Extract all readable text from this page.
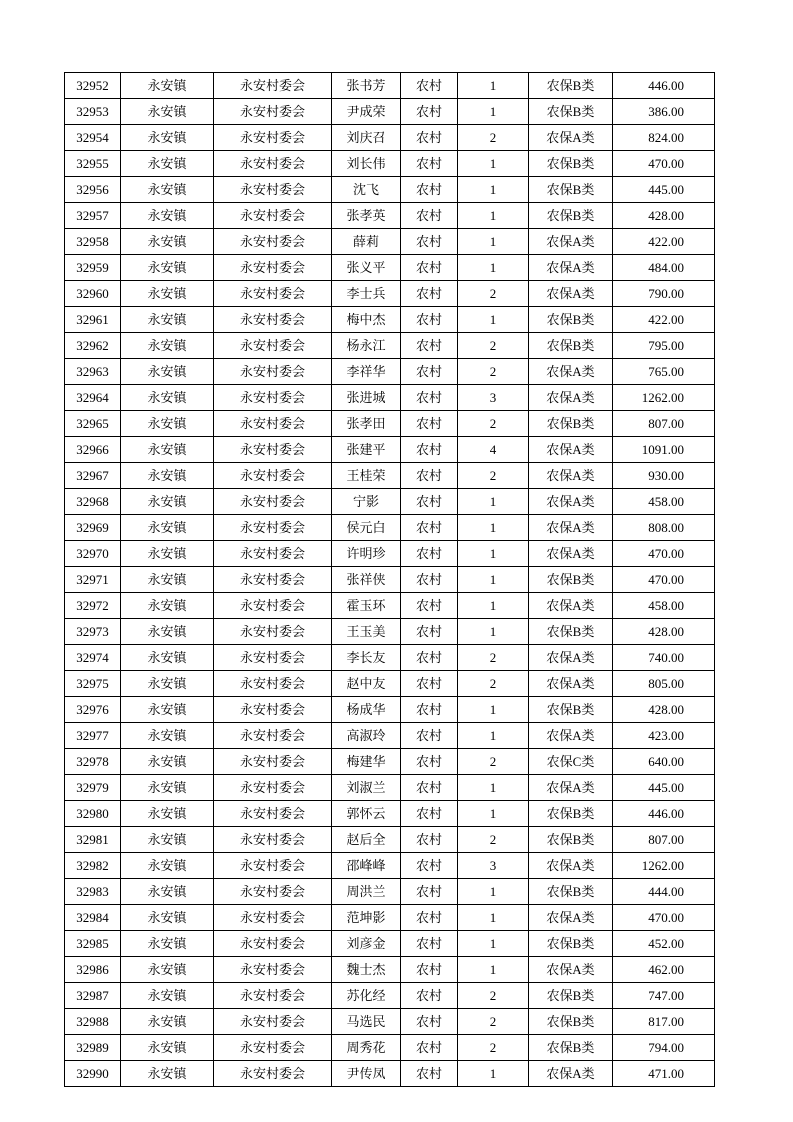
32952	永安镇	永安村委会	张书芳	农村	1	农保B类	446.00
32953	永安镇	永安村委会	尹成荣	农村	1	农保B类	386.00
32954	永安镇	永安村委会	刘庆召	农村	2	农保A类	824.00
32955	永安镇	永安村委会	刘长伟	农村	1	农保B类	470.00
32956	永安镇	永安村委会	沈飞	农村	1	农保B类	445.00
32957	永安镇	永安村委会	张孝英	农村	1	农保B类	428.00
32958	永安镇	永安村委会	薛莉	农村	1	农保A类	422.00
32959	永安镇	永安村委会	张义平	农村	1	农保A类	484.00
32960	永安镇	永安村委会	李士兵	农村	2	农保A类	790.00
32961	永安镇	永安村委会	梅中杰	农村	1	农保B类	422.00
32962	永安镇	永安村委会	杨永江	农村	2	农保B类	795.00
32963	永安镇	永安村委会	李祥华	农村	2	农保A类	765.00
32964	永安镇	永安村委会	张进城	农村	3	农保A类	1262.00
32965	永安镇	永安村委会	张孝田	农村	2	农保B类	807.00
32966	永安镇	永安村委会	张建平	农村	4	农保A类	1091.00
32967	永安镇	永安村委会	王桂荣	农村	2	农保A类	930.00
32968	永安镇	永安村委会	宁影	农村	1	农保A类	458.00
32969	永安镇	永安村委会	侯元白	农村	1	农保A类	808.00
32970	永安镇	永安村委会	许明珍	农村	1	农保A类	470.00
32971	永安镇	永安村委会	张祥侠	农村	1	农保B类	470.00
32972	永安镇	永安村委会	霍玉环	农村	1	农保A类	458.00
32973	永安镇	永安村委会	王玉美	农村	1	农保B类	428.00
32974	永安镇	永安村委会	李长友	农村	2	农保A类	740.00
32975	永安镇	永安村委会	赵中友	农村	2	农保A类	805.00
32976	永安镇	永安村委会	杨成华	农村	1	农保B类	428.00
32977	永安镇	永安村委会	高淑玲	农村	1	农保A类	423.00
32978	永安镇	永安村委会	梅建华	农村	2	农保C类	640.00
32979	永安镇	永安村委会	刘淑兰	农村	1	农保A类	445.00
32980	永安镇	永安村委会	郭怀云	农村	1	农保B类	446.00
32981	永安镇	永安村委会	赵后全	农村	2	农保B类	807.00
32982	永安镇	永安村委会	邵峰峰	农村	3	农保A类	1262.00
32983	永安镇	永安村委会	周洪兰	农村	1	农保B类	444.00
32984	永安镇	永安村委会	范坤影	农村	1	农保A类	470.00
32985	永安镇	永安村委会	刘彦金	农村	1	农保B类	452.00
32986	永安镇	永安村委会	魏士杰	农村	1	农保A类	462.00
32987	永安镇	永安村委会	苏化经	农村	2	农保B类	747.00
32988	永安镇	永安村委会	马选民	农村	2	农保B类	817.00
32989	永安镇	永安村委会	周秀花	农村	2	农保B类	794.00
32990	永安镇	永安村委会	尹传凤	农村	1	农保A类	471.00
